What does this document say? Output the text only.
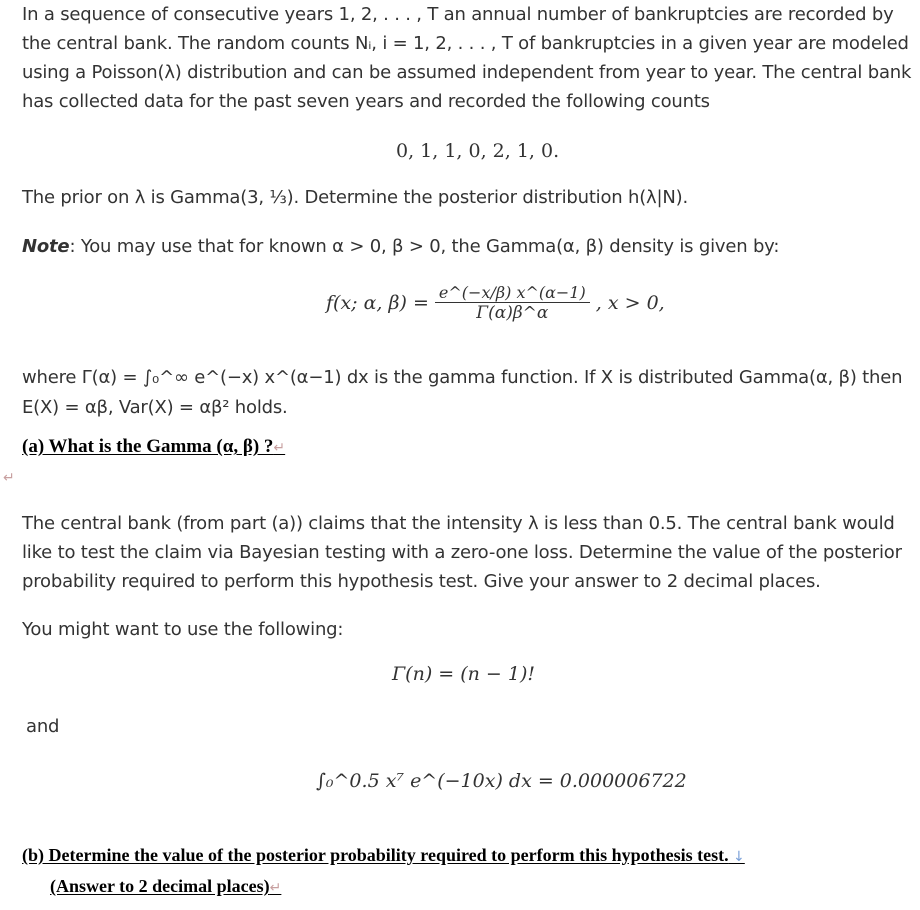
In a sequence of consecutive years 1, 2, . . . , T an annual number of bankruptcies are recorded by the central bank. The random counts Nᵢ, i = 1, 2, . . . , T of bankruptcies in a given year are modeled using a Poisson(λ) distribution and can be assumed independent from year to year. The central bank has collected data for the past seven years and recorded the following counts
0, 1, 1, 0, 2, 1, 0.
The prior on λ is Gamma(3, ⅓). Determine the posterior distribution h(λ|N).
Note: You may use that for known α > 0, β > 0, the Gamma(α, β) density is given by:
f(x; α, $\beta) = \frac{e\^{}(-x/\beta) x\^{}(\alpha-1)}{\Gamma(\alpha)\beta\^{}\alpha}$ , x > 0,
where Γ(α) = ∫₀^∞ e^(−x) x^(α−1) dx is the gamma function. If X is distributed Gamma(α, β) then
E(X) = αβ, Var(X) = αβ² holds.
(a) What is the Gamma (α, β) ?↵
↵
The central bank (from part (a)) claims that the intensity λ is less than 0.5. The central bank would like to test the claim via Bayesian testing with a zero-one loss. Determine the value of the posterior probability required to perform this hypothesis test. Give your answer to 2 decimal places.
You might want to use the following:
Γ(n) = (n − 1)!
and
∫₀^0.5 x⁷ e^(−10x) dx = 0.000006722
(b) Determine the value of the posterior probability required to perform this hypothesis test. ↓
(Answer to 2 decimal places)↵
